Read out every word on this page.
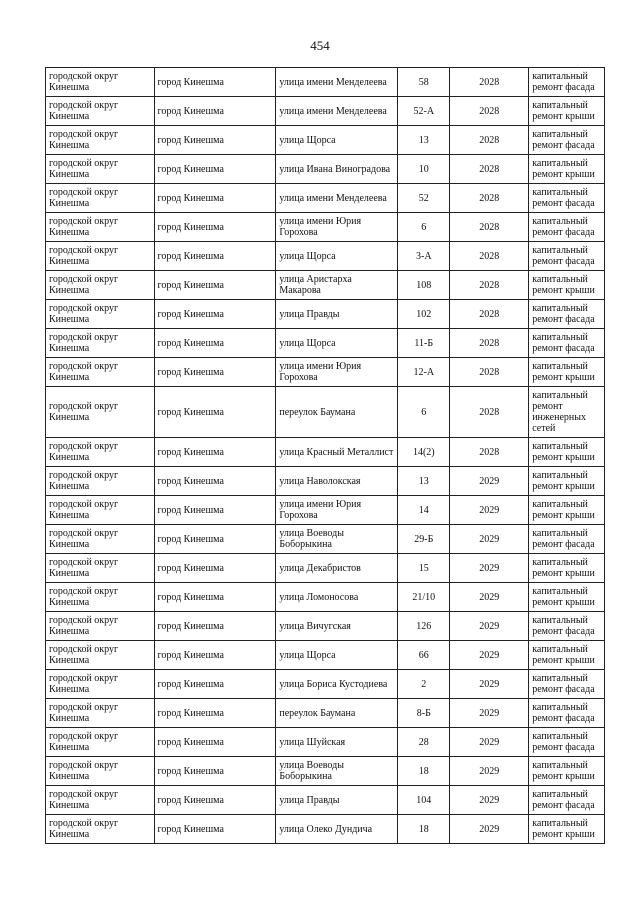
454
городской округ Кинешма	город Кинешма	улица имени Менделеева	58	2028	капитальный ремонт фасада
городской округ Кинешма	город Кинешма	улица имени Менделеева	52-А	2028	капитальный ремонт крыши
городской округ Кинешма	город Кинешма	улица Щорса	13	2028	капитальный ремонт фасада
городской округ Кинешма	город Кинешма	улица Ивана Виноградова	10	2028	капитальный ремонт крыши
городской округ Кинешма	город Кинешма	улица имени Менделеева	52	2028	капитальный ремонт фасада
городской округ Кинешма	город Кинешма	улица имени Юрия Горохова	6	2028	капитальный ремонт фасада
городской округ Кинешма	город Кинешма	улица Щорса	3-А	2028	капитальный ремонт фасада
городской округ Кинешма	город Кинешма	улица Аристарха Макарова	108	2028	капитальный ремонт крыши
городской округ Кинешма	город Кинешма	улица Правды	102	2028	капитальный ремонт фасада
городской округ Кинешма	город Кинешма	улица Щорса	11-Б	2028	капитальный ремонт фасада
городской округ Кинешма	город Кинешма	улица имени Юрия Горохова	12-А	2028	капитальный ремонт крыши
городской округ Кинешма	город Кинешма	переулок Баумана	6	2028	капитальный ремонт инженерных сетей
городской округ Кинешма	город Кинешма	улица Красный Металлист	14(2)	2028	капитальный ремонт крыши
городской округ Кинешма	город Кинешма	улица Наволокская	13	2029	капитальный ремонт крыши
городской округ Кинешма	город Кинешма	улица имени Юрия Горохова	14	2029	капитальный ремонт крыши
городской округ Кинешма	город Кинешма	улица Воеводы Боборыкина	29-Б	2029	капитальный ремонт фасада
городской округ Кинешма	город Кинешма	улица Декабристов	15	2029	капитальный ремонт крыши
городской округ Кинешма	город Кинешма	улица Ломоносова	21/10	2029	капитальный ремонт крыши
городской округ Кинешма	город Кинешма	улица Вичугская	126	2029	капитальный ремонт фасада
городской округ Кинешма	город Кинешма	улица Щорса	66	2029	капитальный ремонт крыши
городской округ Кинешма	город Кинешма	улица Бориса Кустодиева	2	2029	капитальный ремонт фасада
городской округ Кинешма	город Кинешма	переулок Баумана	8-Б	2029	капитальный ремонт фасада
городской округ Кинешма	город Кинешма	улица Шуйская	28	2029	капитальный ремонт фасада
городской округ Кинешма	город Кинешма	улица Воеводы Боборыкина	18	2029	капитальный ремонт крыши
городской округ Кинешма	город Кинешма	улица Правды	104	2029	капитальный ремонт фасада
городской округ Кинешма	город Кинешма	улица Олеко Дундича	18	2029	капитальный ремонт крыши
